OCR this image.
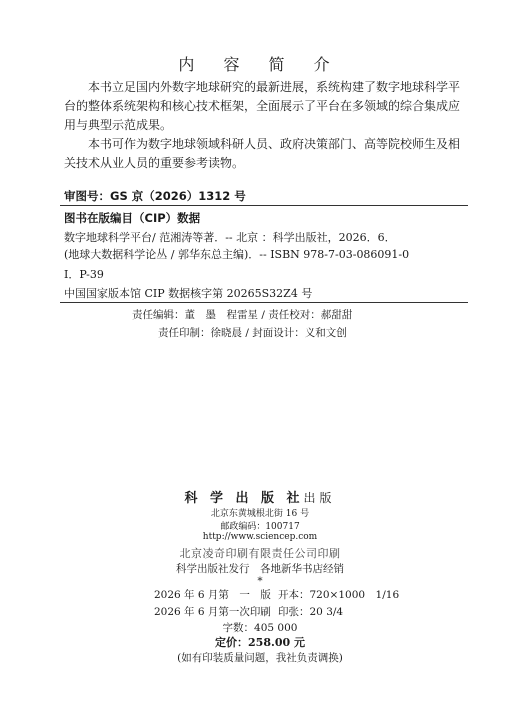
内 容 简 介

本书立足国内外数字地球研究的最新进展，系统构建了数字地球科学平台的整体系统架构和核心技术框架，全面展示了平台在多领域的综合集成应用与典型示范成果。

本书可作为数字地球领域科研人员、政府决策部门、高等院校师生及相关技术从业人员的重要参考读物。

审图号：GS 京（2026）1312 号
图书在版编目（CIP）数据
数字地球科学平台/ 范湘涛等著．-- 北京 ：科学出版社，2026．6．
(地球大数据科学论丛 / 郭华东总主编)．-- ISBN 978-7-03-086091-0
Ⅰ．P-39
中国国家版本馆 CIP 数据核字第 20265S32Z4 号
责任编辑：董　墨　程雷星 / 责任校对：郝甜甜
责任印制：徐晓晨 / 封面设计：义和文创
科 学 出 版 社出版
北京东黄城根北街 16 号
邮政编码：100717
http://www.sciencep.com
北京凌奇印刷有限责任公司印刷
科学出版社发行　各地新华书店经销
*
2026 年 6 月第　一　版 开本：720×1000　1/16
2026 年 6 月第一次印刷 印张：20 3/4
字数：405 000
定价：258.00 元
(如有印装质量问题，我社负责调换)
